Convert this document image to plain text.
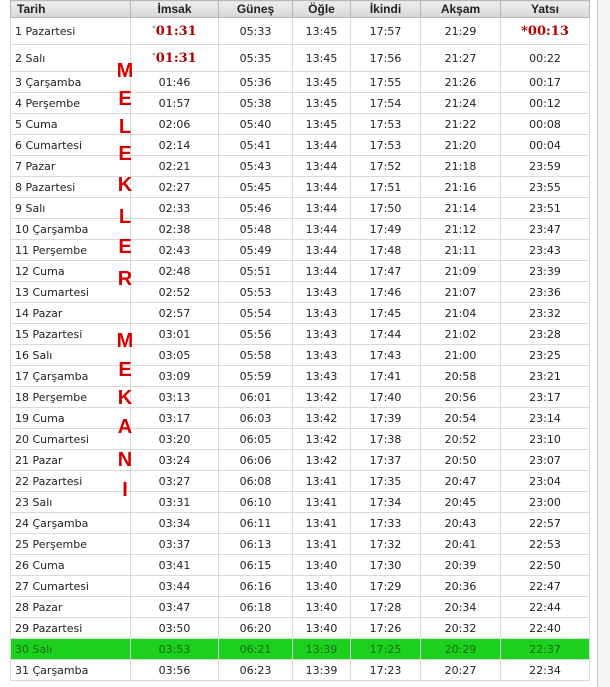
Tarih	İmsak	Güneş	Öğle	İkindi	Akşam	Yatsı
1 Pazartesi	*01:31	05:33	13:45	17:57	21:29	*00:13
2 Salı	*01:31	05:35	13:45	17:56	21:27	00:22
3 Çarşamba	01:46	05:36	13:45	17:55	21:26	00:17
4 Perşembe	01:57	05:38	13:45	17:54	21:24	00:12
5 Cuma	02:06	05:40	13:45	17:53	21:22	00:08
6 Cumartesi	02:14	05:41	13:44	17:53	21:20	00:04
7 Pazar	02:21	05:43	13:44	17:52	21:18	23:59
8 Pazartesi	02:27	05:45	13:44	17:51	21:16	23:55
9 Salı	02:33	05:46	13:44	17:50	21:14	23:51
10 Çarşamba	02:38	05:48	13:44	17:49	21:12	23:47
11 Perşembe	02:43	05:49	13:44	17:48	21:11	23:43
12 Cuma	02:48	05:51	13:44	17:47	21:09	23:39
13 Cumartesi	02:52	05:53	13:43	17:46	21:07	23:36
14 Pazar	02:57	05:54	13:43	17:45	21:04	23:32
15 Pazartesi	03:01	05:56	13:43	17:44	21:02	23:28
16 Salı	03:05	05:58	13:43	17:43	21:00	23:25
17 Çarşamba	03:09	05:59	13:43	17:41	20:58	23:21
18 Perşembe	03:13	06:01	13:42	17:40	20:56	23:17
19 Cuma	03:17	06:03	13:42	17:39	20:54	23:14
20 Cumartesi	03:20	06:05	13:42	17:38	20:52	23:10
21 Pazar	03:24	06:06	13:42	17:37	20:50	23:07
22 Pazartesi	03:27	06:08	13:41	17:35	20:47	23:04
23 Salı	03:31	06:10	13:41	17:34	20:45	23:00
24 Çarşamba	03:34	06:11	13:41	17:33	20:43	22:57
25 Perşembe	03:37	06:13	13:41	17:32	20:41	22:53
26 Cuma	03:41	06:15	13:40	17:30	20:39	22:50
27 Cumartesi	03:44	06:16	13:40	17:29	20:36	22:47
28 Pazar	03:47	06:18	13:40	17:28	20:34	22:44
29 Pazartesi	03:50	06:20	13:40	17:26	20:32	22:40
30 Salı	03:53	06:21	13:39	17:25	20:29	22:37
31 Çarşamba	03:56	06:23	13:39	17:23	20:27	22:34
M
E
L
E
K
L
E
R
M
E
K
A
N
I
